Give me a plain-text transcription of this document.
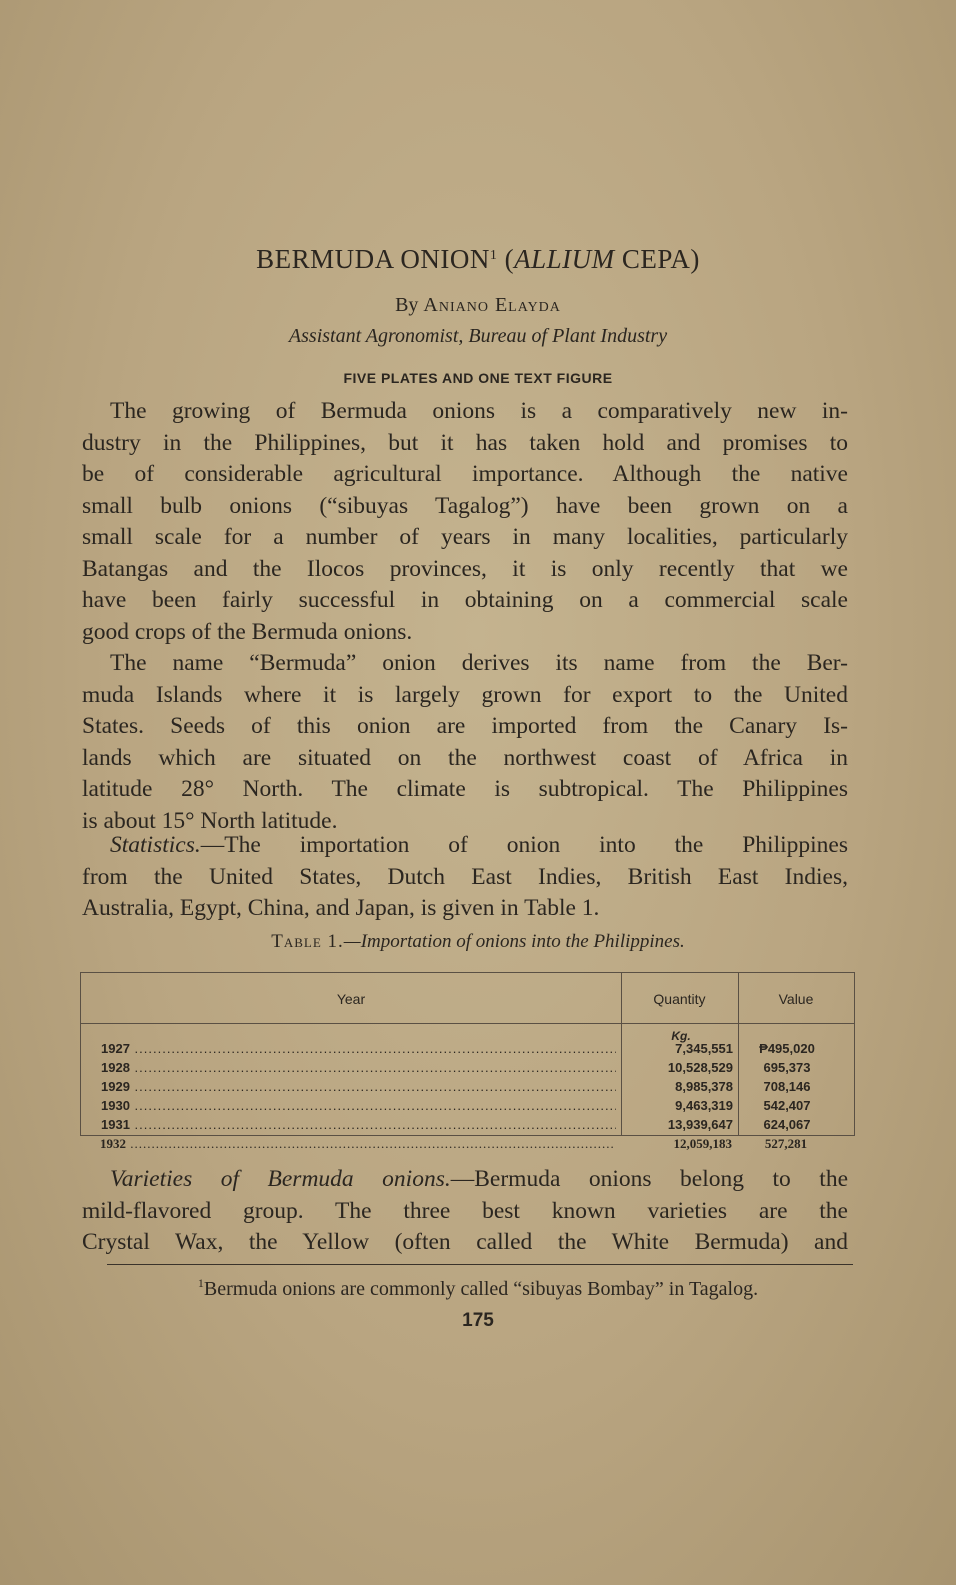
BERMUDA ONION$^1$ (ALLIUM CEPA)
By Aniano Elayda
Assistant Agronomist, Bureau of Plant Industry
FIVE PLATES AND ONE TEXT FIGURE
The growing of Bermuda onions is a comparatively new in-
dustry in the Philippines, but it has taken hold and promises to
be of considerable agricultural importance. Although the native
small bulb onions (“sibuyas Tagalog”) have been grown on a
small scale for a number of years in many localities, particularly
Batangas and the Ilocos provinces, it is only recently that we
have been fairly successful in obtaining on a commercial scale
good crops of the Bermuda onions.
The name “Bermuda” onion derives its name from the Ber-
muda Islands where it is largely grown for export to the United
States. Seeds of this onion are imported from the Canary Is-
lands which are situated on the northwest coast of Africa in
latitude 28° North. The climate is subtropical. The Philippines
is about 15° North latitude.
Statistics.—The importation of onion into the Philippines
from the United States, Dutch East Indies, British East Indies,
Australia, Egypt, China, and Japan, is given in Table 1.
Table 1.—Importation of onions into the Philippines.
Year	Quantity	Value
Kg.
1927 .....	7,345,551	₱495,020
1928 .....	10,528,529	695,373
1929 .....	8,985,378	708,146
1930 .....	9,463,319	542,407
1931 .....	13,939,647	624,067
1932 .....	12,059,183	527,281
Varieties of Bermuda onions.—Bermuda onions belong to the
mild-flavored group. The three best known varieties are the
Crystal Wax, the Yellow (often called the White Bermuda) and
$^1$Bermuda onions are commonly called “sibuyas Bombay” in Tagalog.
175
